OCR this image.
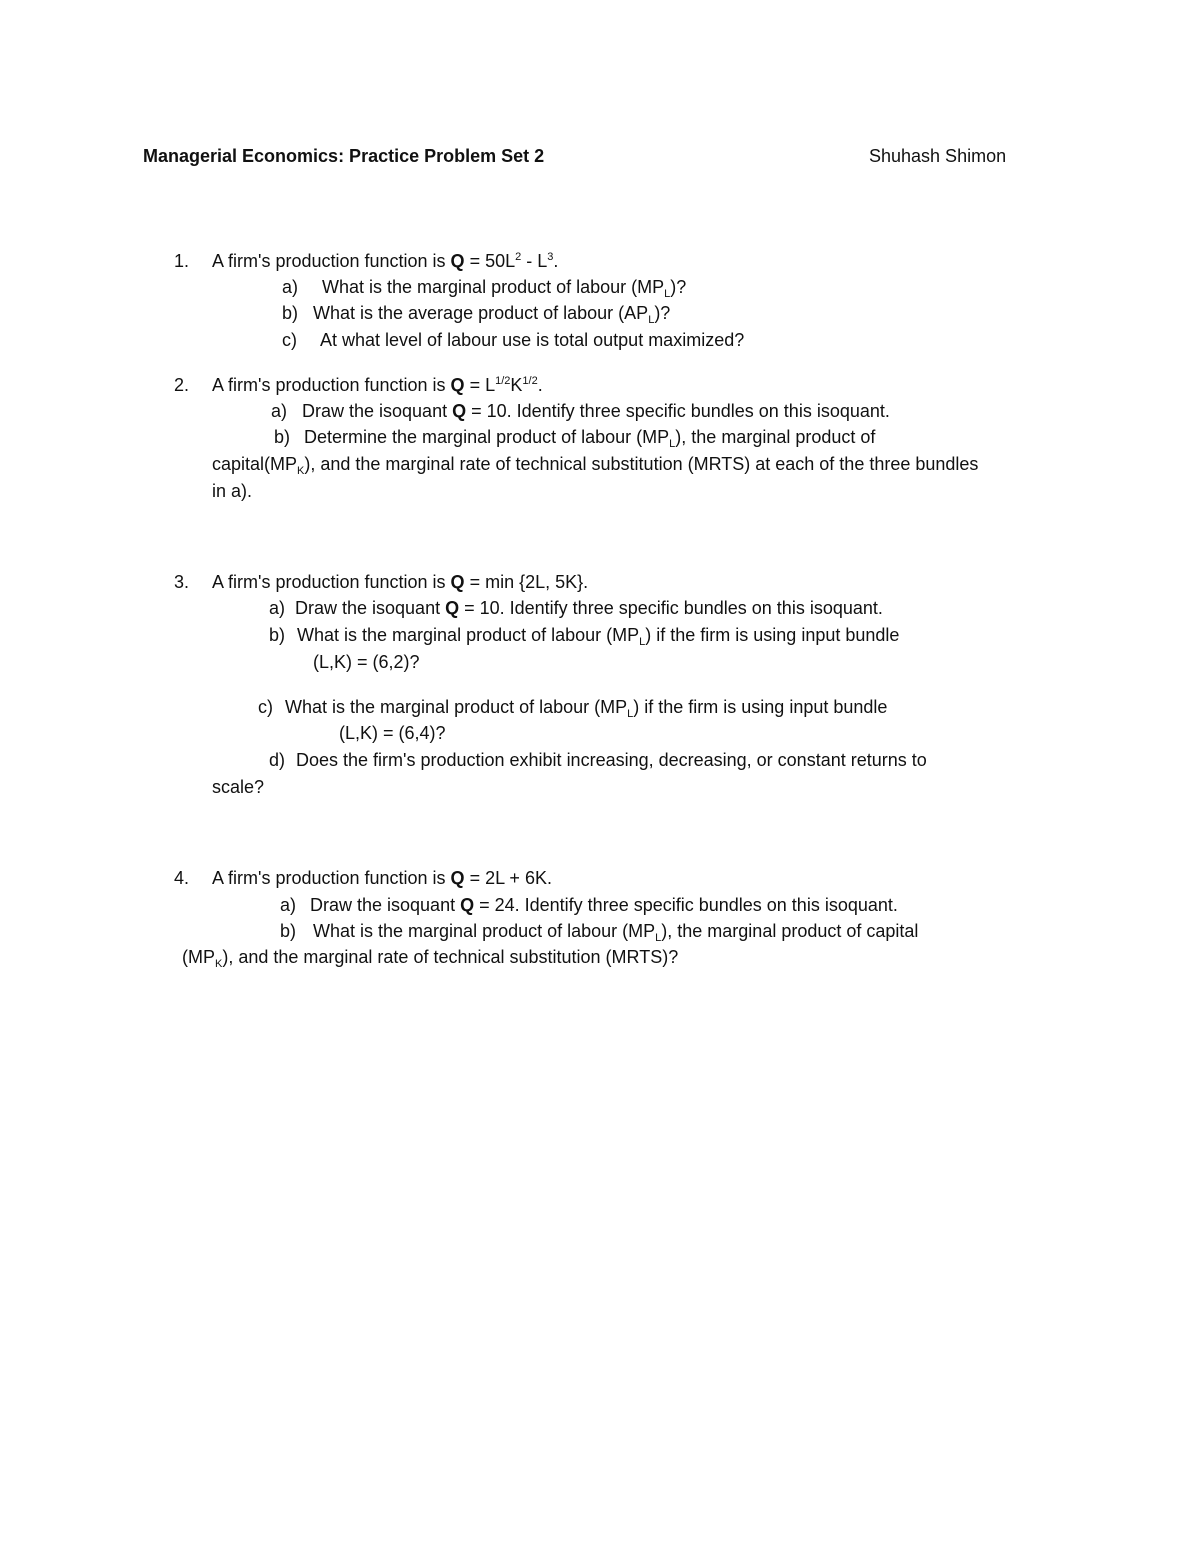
Managerial Economics: Practice Problem Set 2	Shuhash Shimon
1. A firm's production function is $Q = 50L^2 - L^3$.
a) What is the marginal product of labour $(MP_L)$?
b) What is the average product of labour $(AP_L)$?
c) At what level of labour use is total output maximized?
2. A firm's production function is $Q = L^{1/2}K^{1/2}$.
a) Draw the isoquant Q = 10. Identify three specific bundles on this isoquant.
b) Determine the marginal product of labour $(MP_L)$, the marginal product of
$capital(MP_K)$, and the marginal rate of technical substitution (MRTS) at each of the three bundles
in a).
3. A firm's production function is Q = min {2L, 5K}.
a) Draw the isoquant Q = 10. Identify three specific bundles on this isoquant.
b) What is the marginal product of labour $(MP_L)$ if the firm is using input bundle
(L,K) = (6,2)?
c) What is the marginal product of labour $(MP_L)$ if the firm is using input bundle
(L,K) = (6,4)?
d) Does the firm's production exhibit increasing, decreasing, or constant returns to
scale?
4. A firm's production function is Q = 2L + 6K.
a) Draw the isoquant Q = 24. Identify three specific bundles on this isoquant.
b) What is the marginal product of labour $(MP_L)$, the marginal product of capital
$(MP_K)$, and the marginal rate of technical substitution (MRTS)?
